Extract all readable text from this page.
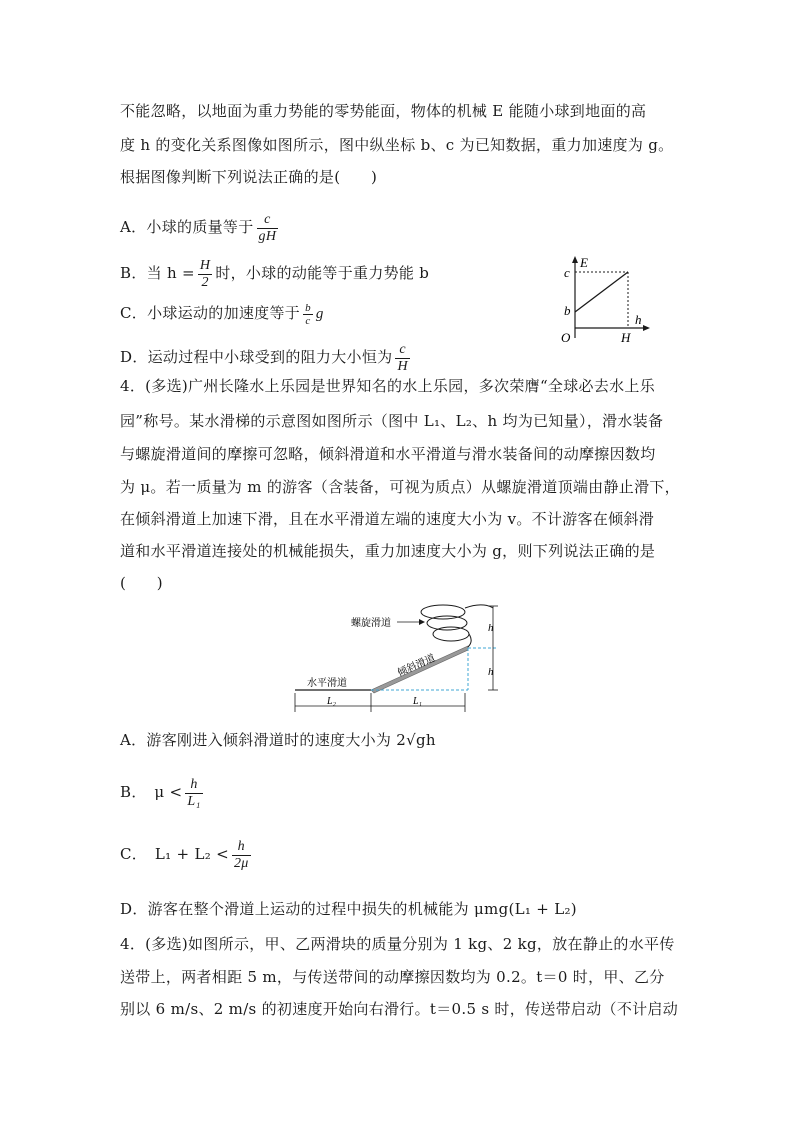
不能忽略，以地面为重力势能的零势能面，物体的机械 E 能随小球到地面的高
度 h 的变化关系图像如图所示，图中纵坐标 b、c 为已知数据，重力加速度为 g。
根据图像判断下列说法正确的是(　　)
A．小球的质量等于 $\frac{c}{gH}$
B．当 $h = \frac{H}{2}$ 时，小球的动能等于重力势能 b
C．小球运动的加速度等于 $\frac{b}{c}$ g
D．运动过程中小球受到的阻力大小恒为 $\frac{c}{H}$
E
h
O
c
b
H
4．(多选)广州长隆水上乐园是世界知名的水上乐园，多次荣膺“全球必去水上乐
园”称号。某水滑梯的示意图如图所示（图中 L₁、L₂、h 均为已知量），滑水装备
与螺旋滑道间的摩擦可忽略，倾斜滑道和水平滑道与滑水装备间的动摩擦因数均
为 μ。若一质量为 m 的游客（含装备，可视为质点）从螺旋滑道顶端由静止滑下，
在倾斜滑道上加速下滑，且在水平滑道左端的速度大小为 v。不计游客在倾斜滑
道和水平滑道连接处的机械能损失，重力加速度大小为 g，则下列说法正确的是
(　　)
螺旋滑道
倾斜滑道
水平滑道
h
h
L₂	L₁
A．游客刚进入倾斜滑道时的速度大小为 2√gh
B．　$\mu < \frac{h}{\text{L₁}}$
C．　$L_1 + L_2 < \frac{h}{2\mu}$
D．游客在整个滑道上运动的过程中损失的机械能为 μmg(L₁ + L₂)
4．(多选)如图所示，甲、乙两滑块的质量分别为 1 kg、2 kg，放在静止的水平传
送带上，两者相距 5 m，与传送带间的动摩擦因数均为 0.2。t＝0 时，甲、乙分
别以 6 m/s、2 m/s 的初速度开始向右滑行。t＝0.5 s 时，传送带启动（不计启动
